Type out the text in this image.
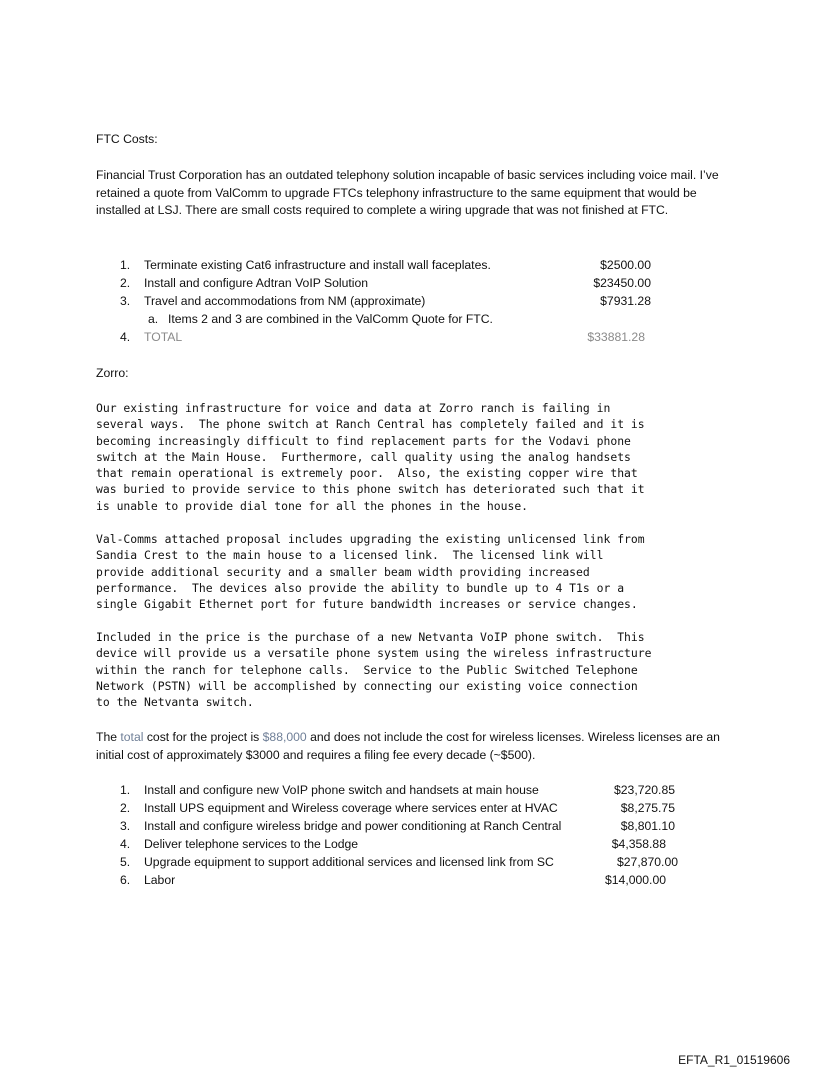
FTC Costs:
Financial Trust Corporation has an outdated telephony solution incapable of basic services including voice mail. I’ve retained a quote from ValComm to upgrade FTCs telephony infrastructure to the same equipment that would be installed at LSJ. There are small costs required to complete a wiring upgrade that was not finished at FTC.
1. Terminate existing Cat6 infrastructure and install wall faceplates.	$2500.00
2. Install and configure Adtran VoIP Solution	$23450.00
3. Travel and accommodations from NM (approximate)	$7931.28
a. Items 2 and 3 are combined in the ValComm Quote for FTC.
4. TOTAL	$33881.28
Zorro:
Our existing infrastructure for voice and data at Zorro ranch is failing in
several ways.  The phone switch at Ranch Central has completely failed and it is
becoming increasingly difficult to find replacement parts for the Vodavi phone
switch at the Main House.  Furthermore, call quality using the analog handsets
that remain operational is extremely poor.  Also, the existing copper wire that
was buried to provide service to this phone switch has deteriorated such that it
is unable to provide dial tone for all the phones in the house.
Val-Comms attached proposal includes upgrading the existing unlicensed link from
Sandia Crest to the main house to a licensed link.  The licensed link will
provide additional security and a smaller beam width providing increased
performance.  The devices also provide the ability to bundle up to 4 T1s or a
single Gigabit Ethernet port for future bandwidth increases or service changes.
Included in the price is the purchase of a new Netvanta VoIP phone switch.  This
device will provide us a versatile phone system using the wireless infrastructure
within the ranch for telephone calls.  Service to the Public Switched Telephone
Network (PSTN) will be accomplished by connecting our existing voice connection
to the Netvanta switch.
The total cost for the project is $88,000 and does not include the cost for wireless licenses. Wireless licenses are an initial cost of approximately $3000 and requires a filing fee every decade (~$500).
1. Install and configure new VoIP phone switch and handsets at main house	$23,720.85
2. Install UPS equipment and Wireless coverage where services enter at HVAC	$8,275.75
3. Install and configure wireless bridge and power conditioning at Ranch Central	$8,801.10
4. Deliver telephone services to the Lodge	$4,358.88
5. Upgrade equipment to support additional services and licensed link from SC	$27,870.00
6. Labor	$14,000.00
EFTA_R1_01519606
